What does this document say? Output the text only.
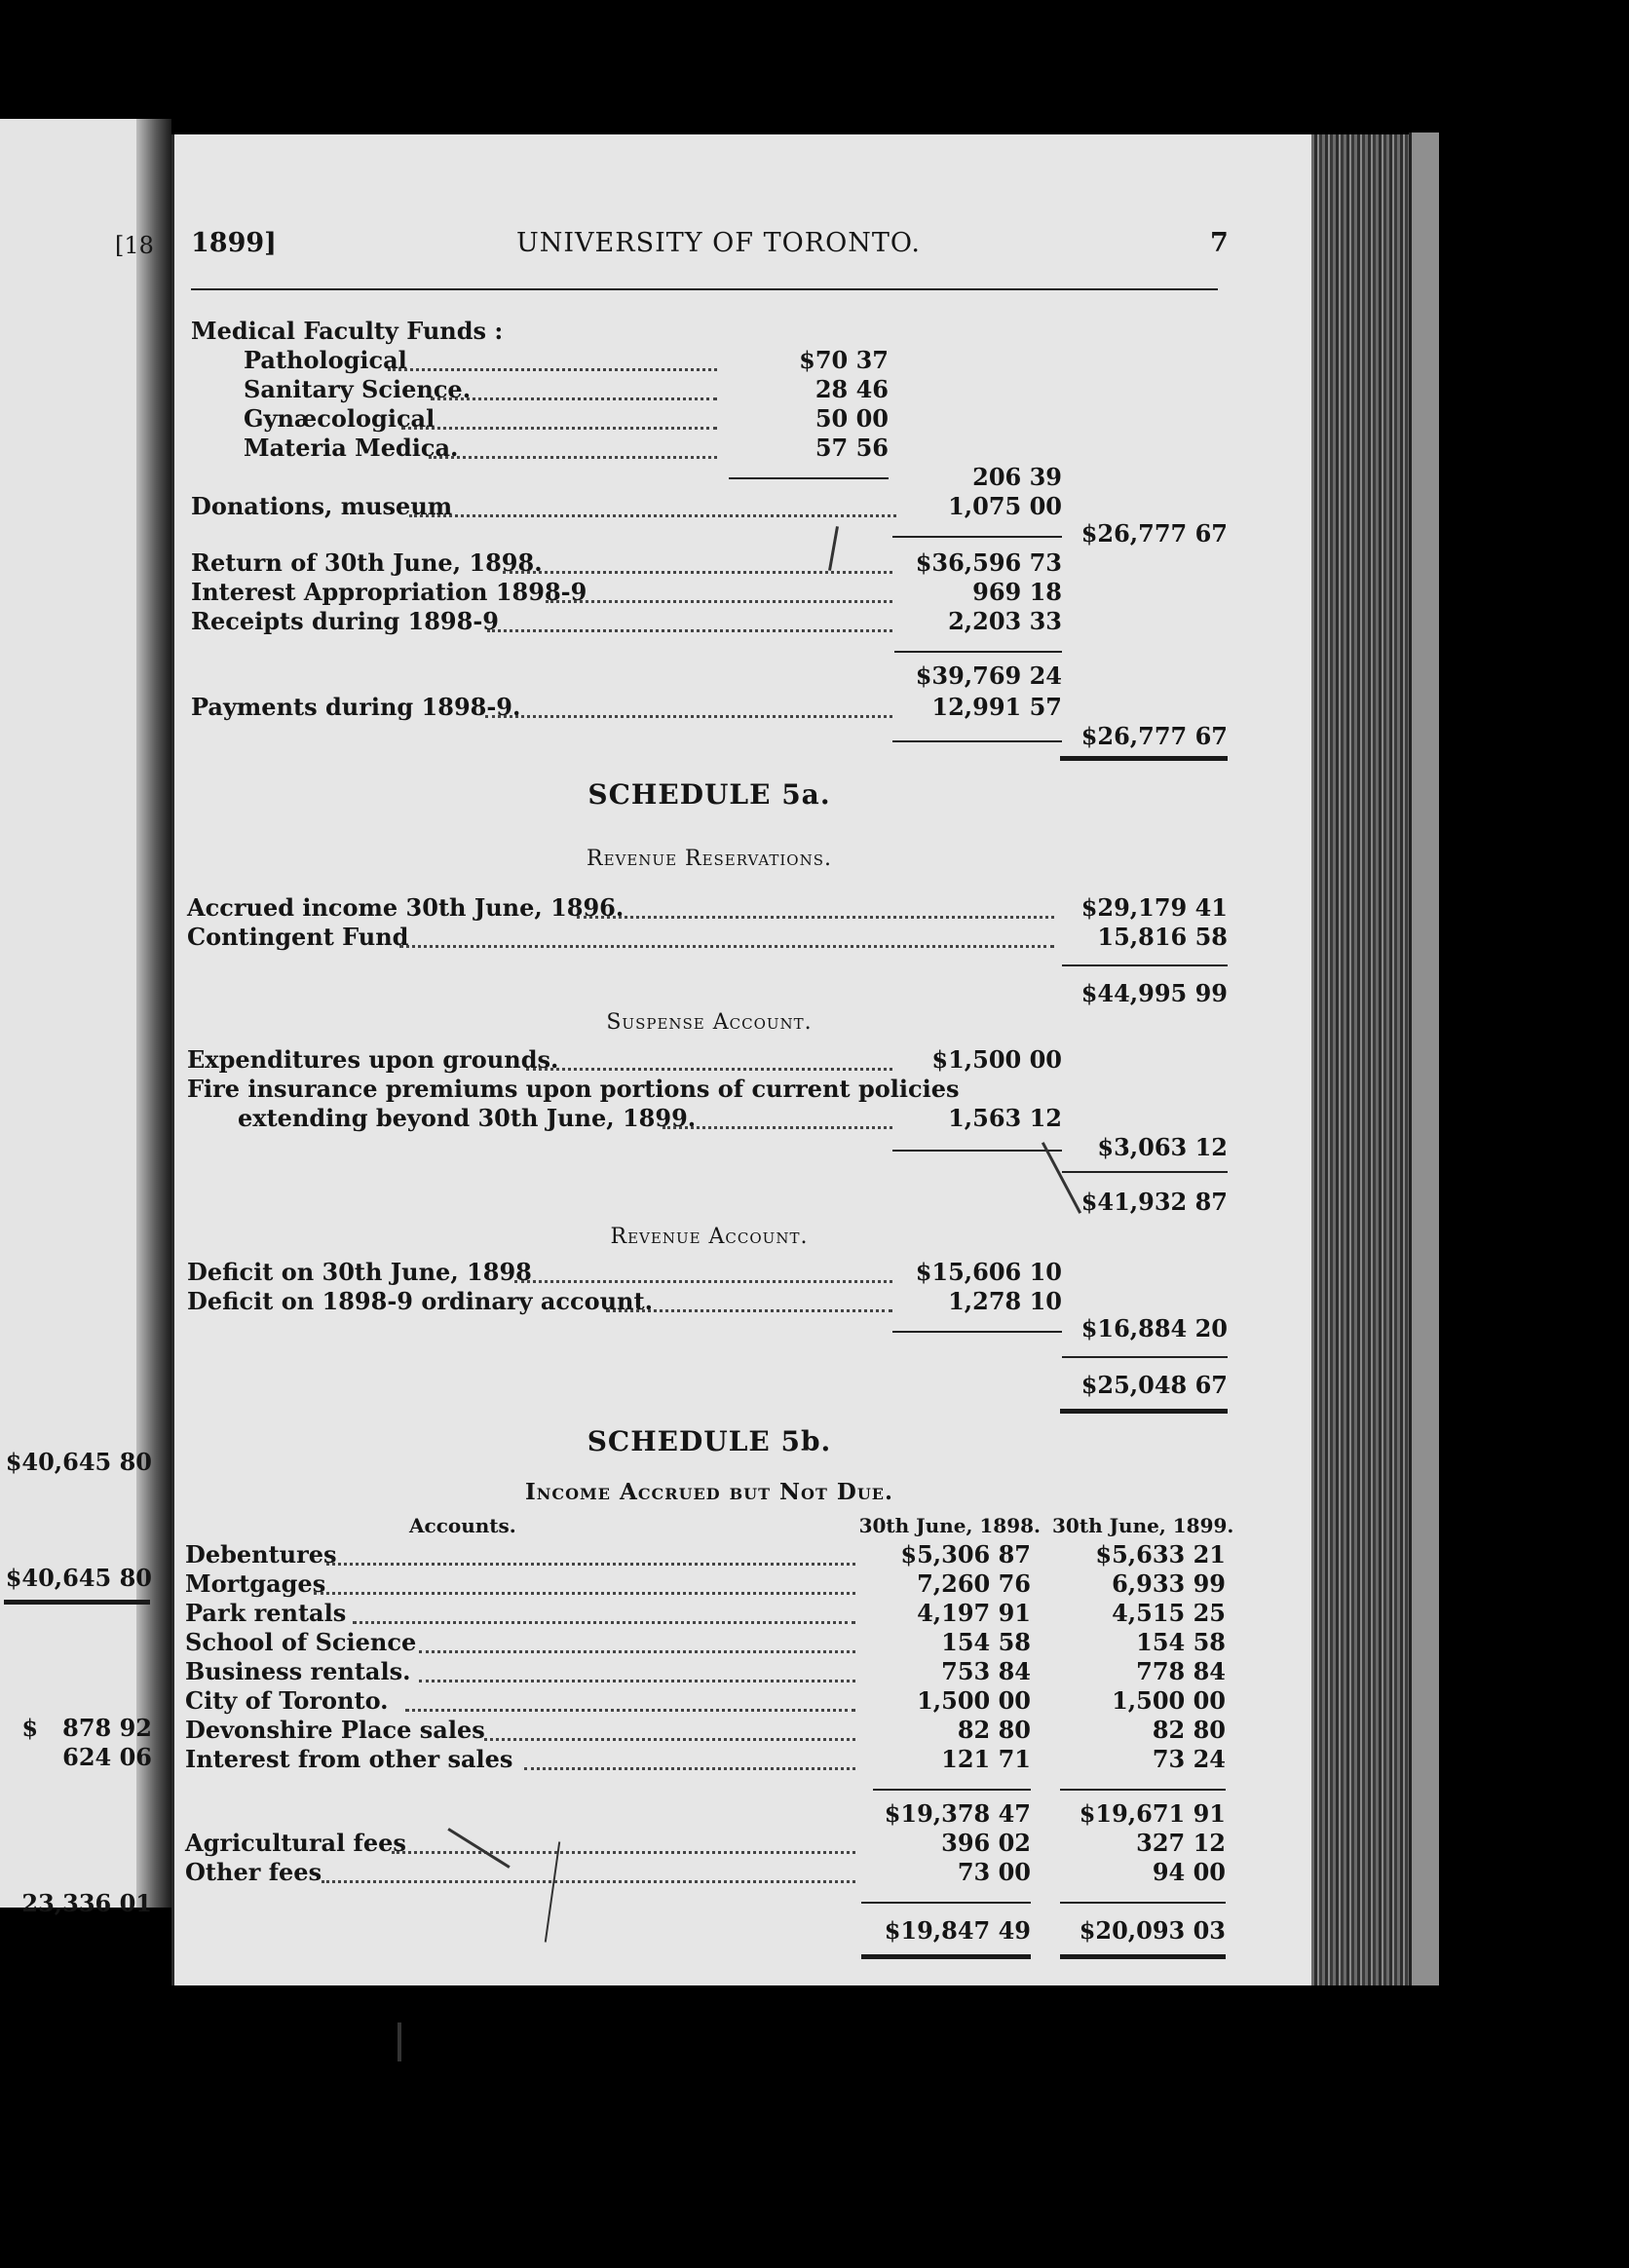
[18
$40,645 80
$40,645 80
$   878 92
624 06
23,336 01
1899]	UNIVERSITY OF TORONTO.	7
Medical Faculty Funds :
Pathological	$70 37
Sanitary Science.	28 46
Gynæcological	50 00
Materia Medica.	57 56
206 39
Donations, museum	1,075 00
$26,777 67
Return of 30th June, 1898.	$36,596 73
Interest Appropriation 1898-9	969 18
Receipts during 1898-9	2,203 33
$39,769 24
Payments during 1898-9.	12,991 57
$26,777 67
SCHEDULE 5a.
Revenue Reservations.
Accrued income 30th June, 1896.	$29,179 41
Contingent Fund	15,816 58
$44,995 99
Suspense Account.
Expenditures upon grounds.	$1,500 00
Fire insurance premiums upon portions of current policies
extending beyond 30th June, 1899.	1,563 12
$3,063 12
$41,932 87
Revenue Account.
Deficit on 30th June, 1898	$15,606 10
Deficit on 1898-9 ordinary account.	1,278 10
$16,884 20
$25,048 67
SCHEDULE 5b.
Income Accrued but Not Due.
Accounts.	30th June, 1898. 30th June, 1899.
Debentures	$5,306 87	$5,633 21
Mortgages	7,260 76	6,933 99
Park rentals	4,197 91	4,515 25
School of Science	154 58	154 58
Business rentals.	753 84	778 84
City of Toronto.	1,500 00	1,500 00
Devonshire Place sales	82 80	82 80
Interest from other sales	121 71	73 24
$19,378 47	$19,671 91
Agricultural fees	396 02	327 12
Other fees	73 00	94 00
$19,847 49	$20,093 03
